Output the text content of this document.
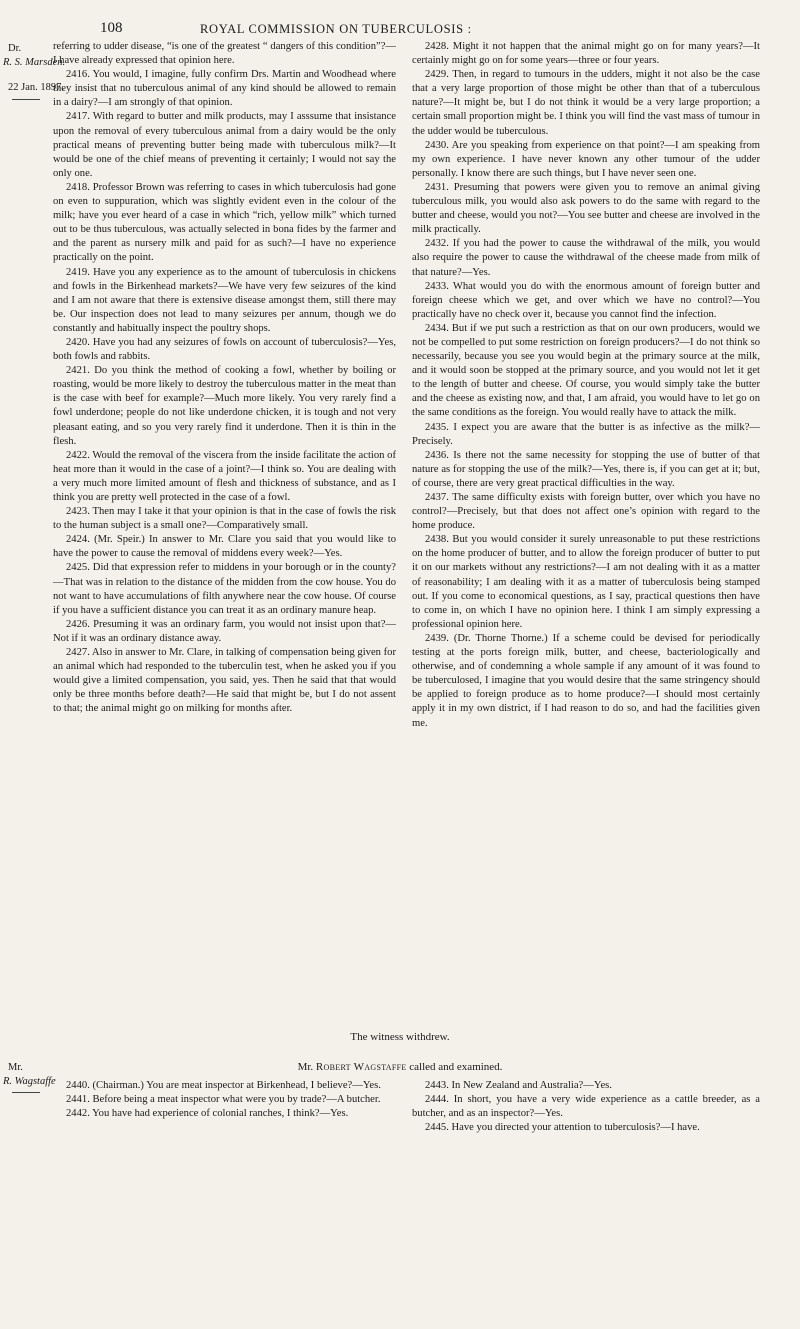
108	ROYAL COMMISSION ON TUBERCULOSIS :
Dr.
R. S. Marsden.
22 Jan. 1897.
Mr.
R. Wagstaffe

referring to udder disease, “is one of the greatest “ dangers of this condition”?—I have already expressed that opinion here.

2416. You would, I imagine, fully confirm Drs. Martin and Woodhead where they insist that no tuberculous animal of any kind should be allowed to remain in a dairy?—I am strongly of that opinion.

2417. With regard to butter and milk products, may I asssume that insistance upon the removal of every tuberculous animal from a dairy would be the only practical means of preventing butter being made with tuberculous milk?—It would be one of the chief means of preventing it certainly; I would not say the only one.

2418. Professor Brown was referring to cases in which tuberculosis had gone on even to suppuration, which was slightly evident even in the colour of the milk; have you ever heard of a case in which “rich, yellow milk” which turned out to be thus tuberculous, was actually selected in bona fides by the farmer and and the parent as nursery milk and paid for as such?—I have no experience practically on the point.

2419. Have you any experience as to the amount of tuberculosis in chickens and fowls in the Birkenhead markets?—We have very few seizures of the kind and I am not aware that there is extensive disease amongst them, still there may be. Our inspection does not lead to many seizures per annum, though we do constantly and habitually inspect the poultry shops.

2420. Have you had any seizures of fowls on account of tuberculosis?—Yes, both fowls and rabbits.

2421. Do you think the method of cooking a fowl, whether by boiling or roasting, would be more likely to destroy the tuberculous matter in the meat than is the case with beef for example?—Much more likely. You very rarely find a fowl underdone; people do not like underdone chicken, it is tough and not very pleasant eating, and so you very rarely find it underdone. Then it is thin in the flesh.

2422. Would the removal of the viscera from the inside facilitate the action of heat more than it would in the case of a joint?—I think so. You are dealing with a very much more limited amount of flesh and thickness of substance, and as I think you are pretty well protected in the case of a fowl.

2423. Then may I take it that your opinion is that in the case of fowls the risk to the human subject is a small one?—Comparatively small.

2424. (Mr. Speir.) In answer to Mr. Clare you said that you would like to have the power to cause the removal of middens every week?—Yes.

2425. Did that expression refer to middens in your borough or in the county?—That was in relation to the distance of the midden from the cow house. You do not want to have accumulations of filth anywhere near the cow house. Of course if you have a sufficient distance you can treat it as an ordinary manure heap.

2426. Presuming it was an ordinary farm, you would not insist upon that?—Not if it was an ordinary distance away.

2427. Also in answer to Mr. Clare, in talking of compensation being given for an animal which had responded to the tuberculin test, when he asked you if you would give a limited compensation, you said, yes. Then he said that that would only be three months before death?—He said that might be, but I do not assent to that; the animal might go on milking for months after.

2428. Might it not happen that the animal might go on for many years?—It certainly might go on for some years—three or four years.

2429. Then, in regard to tumours in the udders, might it not also be the case that a very large proportion of those might be other than that of a tuberculous nature?—It might be, but I do not think it would be a very large proportion; a certain small proportion might be. I think you will find the vast mass of tumour in the udder would be tuberculous.

2430. Are you speaking from experience on that point?—I am speaking from my own experience. I have never known any other tumour of the udder personally. I know there are such things, but I have never seen one.

2431. Presuming that powers were given you to remove an animal giving tuberculous milk, you would also ask powers to do the same with regard to the butter and cheese, would you not?—You see butter and cheese are involved in the milk practically.

2432. If you had the power to cause the withdrawal of the milk, you would also require the power to cause the withdrawal of the cheese made from milk of that nature?—Yes.

2433. What would you do with the enormous amount of foreign butter and foreign cheese which we get, and over which we have no control?—You practically have no check over it, because you cannot find the infection.

2434. But if we put such a restriction as that on our own producers, would we not be compelled to put some restriction on foreign producers?—I do not think so necessarily, because you see you would begin at the primary source at the milk, and it would soon be stopped at the primary source, and you would not let it get to the length of butter and cheese. Of course, you would simply take the butter and the cheese as existing now, and that, I am afraid, you would have to let go on the same conditions as the foreign. You would really have to attack the milk.

2435. I expect you are aware that the butter is as infective as the milk?—Precisely.

2436. Is there not the same necessity for stopping the use of butter of that nature as for stopping the use of the milk?—Yes, there is, if you can get at it; but, of course, there are very great practical difficulties in the way.

2437. The same difficulty exists with foreign butter, over which you have no control?—Precisely, but that does not affect one’s opinion with regard to the home produce.

2438. But you would consider it surely unreasonable to put these restrictions on the home producer of butter, and to allow the foreign producer of butter to put it on our markets without any restrictions?—I am not dealing with it as a matter of reasonability; I am dealing with it as a matter of tuberculosis being stamped out. If you come to economical questions, as I say, practical questions then have to come in, on which I have no opinion here. I think I am simply expressing a professional opinion here.

2439. (Dr. Thorne Thorne.) If a scheme could be devised for periodically testing at the ports foreign milk, butter, and cheese, bacteriologically and otherwise, and of condemning a whole sample if any amount of it was found to be tuberculosed, I imagine that you would desire that the same stringency should be applied to foreign produce as to home produce?—I should most certainly apply it in my own district, if I had reason to do so, and had the facilities given me.

The witness withdrew.
Mr. Robert Wagstaffe called and examined.

2440. (Chairman.) You are meat inspector at Birkenhead, I believe?—Yes.

2441. Before being a meat inspector what were you by trade?—A butcher.

2442. You have had experience of colonial ranches, I think?—Yes.

2443. In New Zealand and Australia?—Yes.

2444. In short, you have a very wide experience as a cattle breeder, as a butcher, and as an inspector?—Yes.

2445. Have you directed your attention to tuberculosis?—I have.
